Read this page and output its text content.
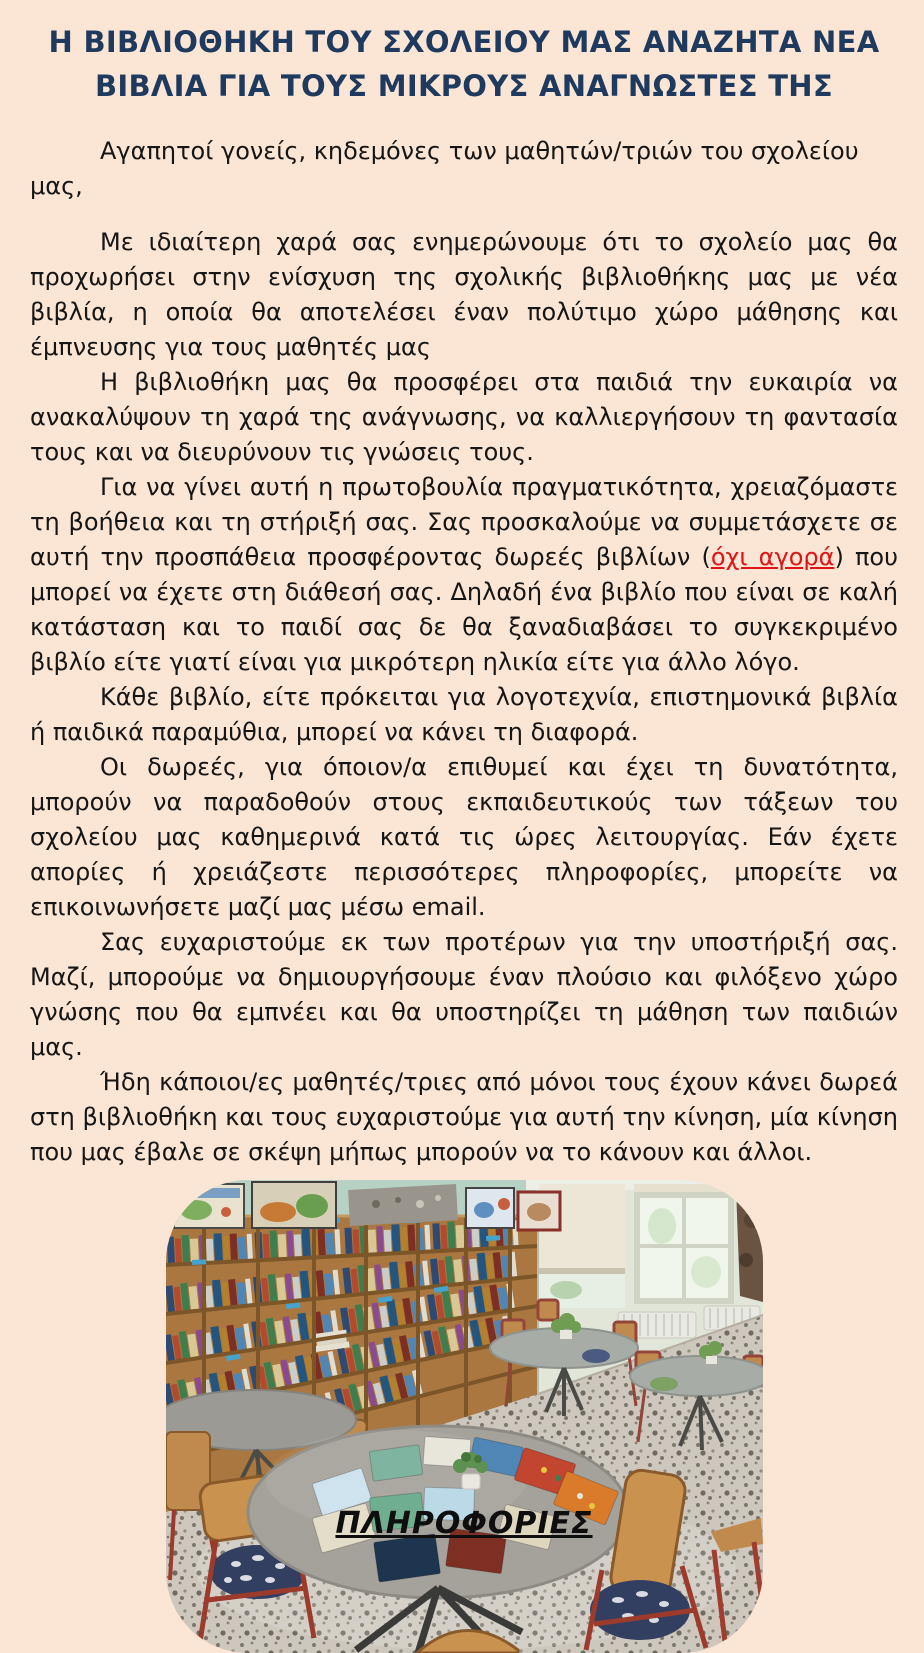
Η ΒΙΒΛΙΟΘΗΚΗ ΤΟΥ ΣΧΟΛΕΙΟΥ ΜΑΣ ΑΝΑΖΗΤΑ ΝΕΑ ΒΙΒΛΙΑ ΓΙΑ ΤΟΥΣ ΜΙΚΡΟΥΣ ΑΝΑΓΝΩΣΤΕΣ ΤΗΣ

Αγαπητοί γονείς, κηδεμόνες των μαθητών/τριών του σχολείου μας,

Με ιδιαίτερη χαρά σας ενημερώνουμε ότι το σχολείο μας θα προχωρήσει στην ενίσχυση της σχολικής βιβλιοθήκης μας με νέα βιβλία, η οποία θα αποτελέσει έναν πολύτιμο χώρο μάθησης και έμπνευσης για τους μαθητές μας

Η βιβλιοθήκη μας θα προσφέρει στα παιδιά την ευκαιρία να ανακαλύψουν τη χαρά της ανάγνωσης, να καλλιεργήσουν τη φαντασία τους και να διευρύνουν τις γνώσεις τους.

Για να γίνει αυτή η πρωτοβουλία πραγματικότητα, χρειαζόμαστε τη βοήθεια και τη στήριξή σας. Σας προσκαλούμε να συμμετάσχετε σε αυτή την προσπάθεια προσφέροντας δωρεές βιβλίων (όχι αγορά) που μπορεί να έχετε στη διάθεσή σας. Δηλαδή ένα βιβλίο που είναι σε καλή κατάσταση και το παιδί σας δε θα ξαναδιαβάσει το συγκεκριμένο βιβλίο είτε γιατί είναι για μικρότερη ηλικία είτε για άλλο λόγο.

Κάθε βιβλίο, είτε πρόκειται για λογοτεχνία, επιστημονικά βιβλία ή παιδικά παραμύθια, μπορεί να κάνει τη διαφορά.

Οι δωρεές, για όποιον/α επιθυμεί και έχει τη δυνατότητα, μπορούν να παραδοθούν στους εκπαιδευτικούς των τάξεων του σχολείου μας καθημερινά κατά τις ώρες λειτουργίας. Εάν έχετε απορίες ή χρειάζεστε περισσότερες πληροφορίες, μπορείτε να επικοινωνήσετε μαζί μας μέσω email.

Σας ευχαριστούμε εκ των προτέρων για την υποστήριξή σας. Μαζί, μπορούμε να δημιουργήσουμε έναν πλούσιο και φιλόξενο χώρο γνώσης που θα εμπνέει και θα υποστηρίζει τη μάθηση των παιδιών μας.

Ήδη κάποιοι/ες μαθητές/τριες από μόνοι τους έχουν κάνει δωρεά στη βιβλιοθήκη και τους ευχαριστούμε για αυτή την κίνηση, μία κίνηση που μας έβαλε σε σκέψη μήπως μπορούν να το κάνουν και άλλοι.

ΠΛΗΡΟΦΟΡΙΕΣ
